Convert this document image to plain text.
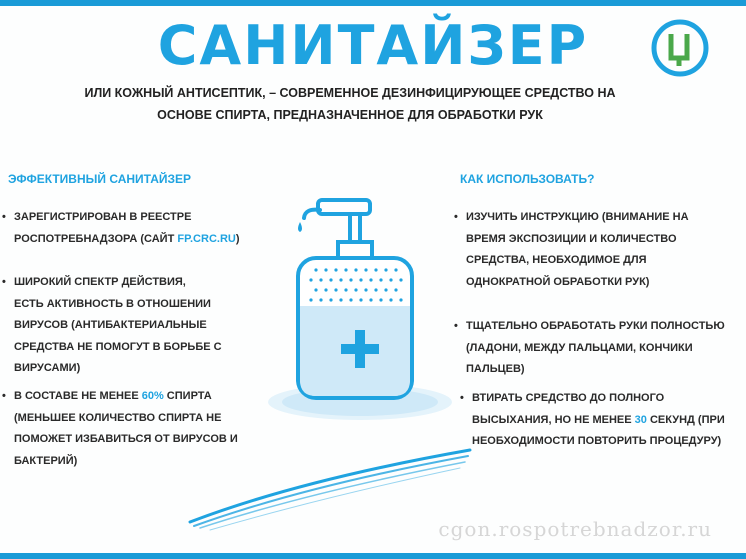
САНИТАЙЗЕР
ИЛИ КОЖНЫЙ АНТИСЕПТИК, – СОВРЕМЕННОЕ ДЕЗИНФИЦИРУЮЩЕЕ СРЕДСТВО НА
ОСНОВЕ СПИРТА, ПРЕДНАЗНАЧЕННОЕ ДЛЯ ОБРАБОТКИ РУК
ЭФФЕКТИВНЫЙ САНИТАЙЗЕР
• ЗАРЕГИСТРИРОВАН В РЕЕСТРЕ
РОСПОТРЕБНАДЗОРА (САЙТ FP.CRC.RU)
• ШИРОКИЙ СПЕКТР ДЕЙСТВИЯ,
ЕСТЬ АКТИВНОСТЬ В ОТНОШЕНИИ
ВИРУСОВ (АНТИБАКТЕРИАЛЬНЫЕ
СРЕДСТВА НЕ ПОМОГУТ В БОРЬБЕ С
ВИРУСАМИ)
• В СОСТАВЕ НЕ МЕНЕЕ 60% СПИРТА
(МЕНЬШЕЕ КОЛИЧЕСТВО СПИРТА НЕ
ПОМОЖЕТ ИЗБАВИТЬСЯ ОТ ВИРУСОВ И
БАКТЕРИЙ)
КАК ИСПОЛЬЗОВАТЬ?
• ИЗУЧИТЬ ИНСТРУКЦИЮ (ВНИМАНИЕ НА
ВРЕМЯ ЭКСПОЗИЦИИ И КОЛИЧЕСТВО
СРЕДСТВА, НЕОБХОДИМОЕ ДЛЯ
ОДНОКРАТНОЙ ОБРАБОТКИ РУК)
• ТЩАТЕЛЬНО ОБРАБОТАТЬ РУКИ ПОЛНОСТЬЮ
(ЛАДОНИ, МЕЖДУ ПАЛЬЦАМИ, КОНЧИКИ
ПАЛЬЦЕВ)
• ВТИРАТЬ СРЕДСТВО ДО ПОЛНОГО
ВЫСЫХАНИЯ, НО НЕ МЕНЕЕ 30 СЕКУНД (ПРИ
НЕОБХОДИМОСТИ ПОВТОРИТЬ ПРОЦЕДУРУ)
cgon.rospotrebnadzor.ru
